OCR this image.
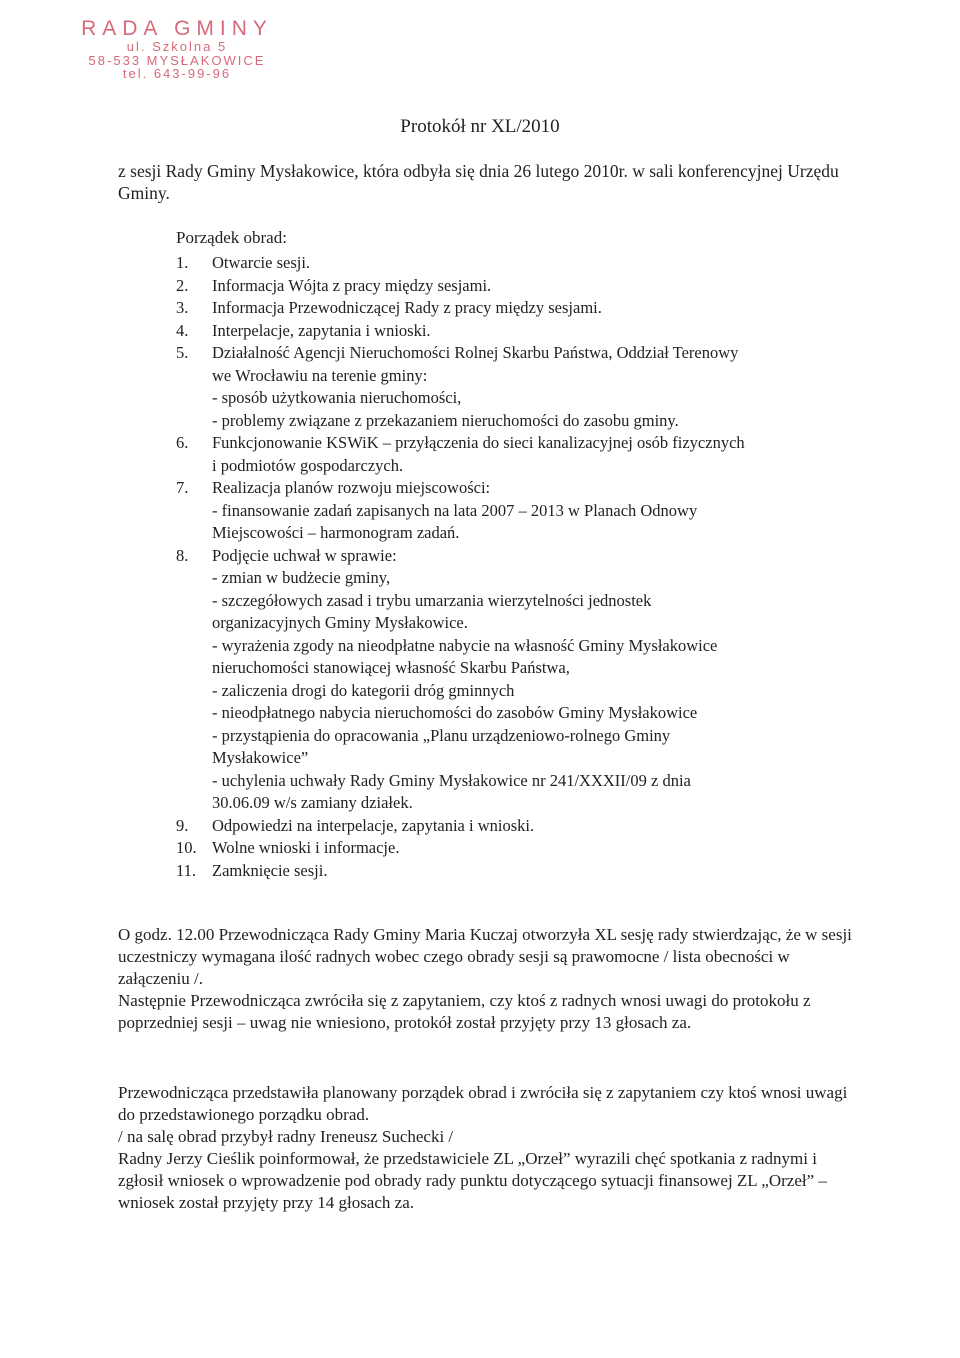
RADA GMINY
ul. Szkolna 5
58-533 MYSŁAKOWICE
tel. 643-99-96
Protokół nr XL/2010
z sesji Rady Gminy Mysłakowice, która odbyła się dnia 26 lutego 2010r. w sali konferencyjnej Urzędu Gminy.
Porządek obrad:
1.	Otwarcie sesji.
2.	Informacja Wójta z pracy między sesjami.
3.	Informacja Przewodniczącej Rady z pracy między sesjami.
4.	Interpelacje, zapytania i wnioski.
5.	Działalność Agencji Nieruchomości Rolnej Skarbu Państwa, Oddział Terenowy
we Wrocławiu na terenie gminy:
- sposób użytkowania nieruchomości,
- problemy związane z przekazaniem nieruchomości do zasobu gminy.
6.	Funkcjonowanie KSWiK – przyłączenia do sieci kanalizacyjnej osób fizycznych
i podmiotów gospodarczych.
7.	Realizacja planów rozwoju miejscowości:
- finansowanie zadań zapisanych na lata 2007 – 2013 w Planach Odnowy
Miejscowości – harmonogram zadań.
8.	Podjęcie uchwał w sprawie:
- zmian w budżecie gminy,
- szczegółowych zasad i trybu umarzania wierzytelności jednostek
organizacyjnych Gminy Mysłakowice.
- wyrażenia zgody na nieodpłatne nabycie na własność Gminy Mysłakowice
nieruchomości stanowiącej własność Skarbu Państwa,
- zaliczenia drogi do kategorii dróg gminnych
- nieodpłatnego nabycia nieruchomości do zasobów Gminy Mysłakowice
- przystąpienia do opracowania „Planu urządzeniowo-rolnego Gminy
Mysłakowice”
- uchylenia uchwały Rady Gminy Mysłakowice nr 241/XXXII/09 z dnia
30.06.09 w/s zamiany działek.
9.	Odpowiedzi na interpelacje, zapytania i wnioski.
10. Wolne wnioski i informacje.
11. Zamknięcie sesji.
O godz. 12.00 Przewodnicząca Rady Gminy Maria Kuczaj otworzyła XL sesję rady stwierdzając, że w sesji uczestniczy wymagana ilość radnych wobec czego obrady sesji są prawomocne / lista obecności w załączeniu /.
Następnie Przewodnicząca zwróciła się z zapytaniem, czy ktoś z radnych wnosi uwagi do protokołu z poprzedniej sesji – uwag nie wniesiono, protokół został przyjęty przy 13 głosach za.
Przewodnicząca przedstawiła planowany porządek obrad i zwróciła się z zapytaniem czy ktoś wnosi uwagi do przedstawionego porządku obrad.
/ na salę obrad przybył radny Ireneusz Suchecki /
Radny Jerzy Cieślik poinformował, że przedstawiciele ZL „Orzeł” wyrazili chęć spotkania z radnymi i zgłosił wniosek o wprowadzenie pod obrady rady punktu dotyczącego sytuacji finansowej ZL „Orzeł” – wniosek został przyjęty przy 14 głosach za.
